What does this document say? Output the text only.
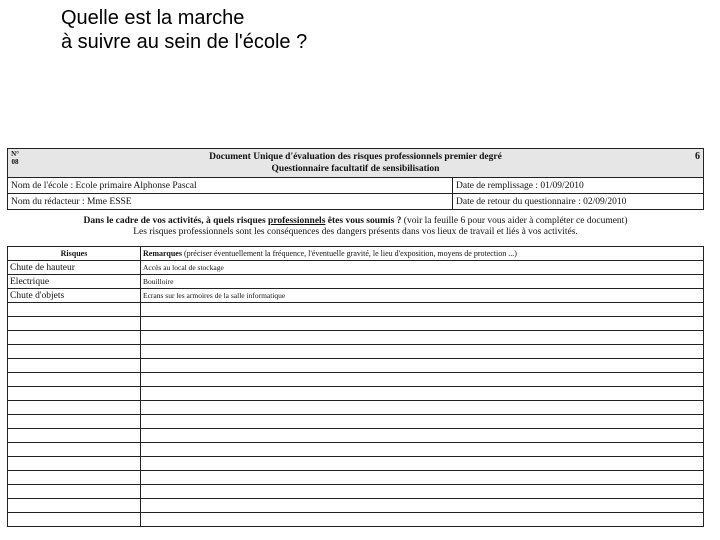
Quelle est la marche
à suivre au sein de l'école ?
N° 08	Document Unique d'évaluation des risques professionnels premier degré
Questionnaire facultatif de sensibilisation
6
Nom de l'école : Ecole primaire Alphonse Pascal	Date de remplissage : 01/09/2010
Nom du rédacteur : Mme ESSE	Date de retour du questionnaire : 02/09/2010
Dans le cadre de vos activités, à quels risques professionnels êtes vous soumis ? (voir la feuille 6 pour vous aider à compléter ce document)
Les risques professionnels sont les conséquences des dangers présents dans vos lieux de travail et liés à vos activités.
Risques	Remarques (préciser éventuellement la fréquence, l'éventuelle gravité, le lieu d'exposition, moyens de protection ...)
Chute de hauteur	Accès au local de stockage
Electrique	Bouilloire
Chute d'objets	Ecrans sur les armoires de la salle informatique
